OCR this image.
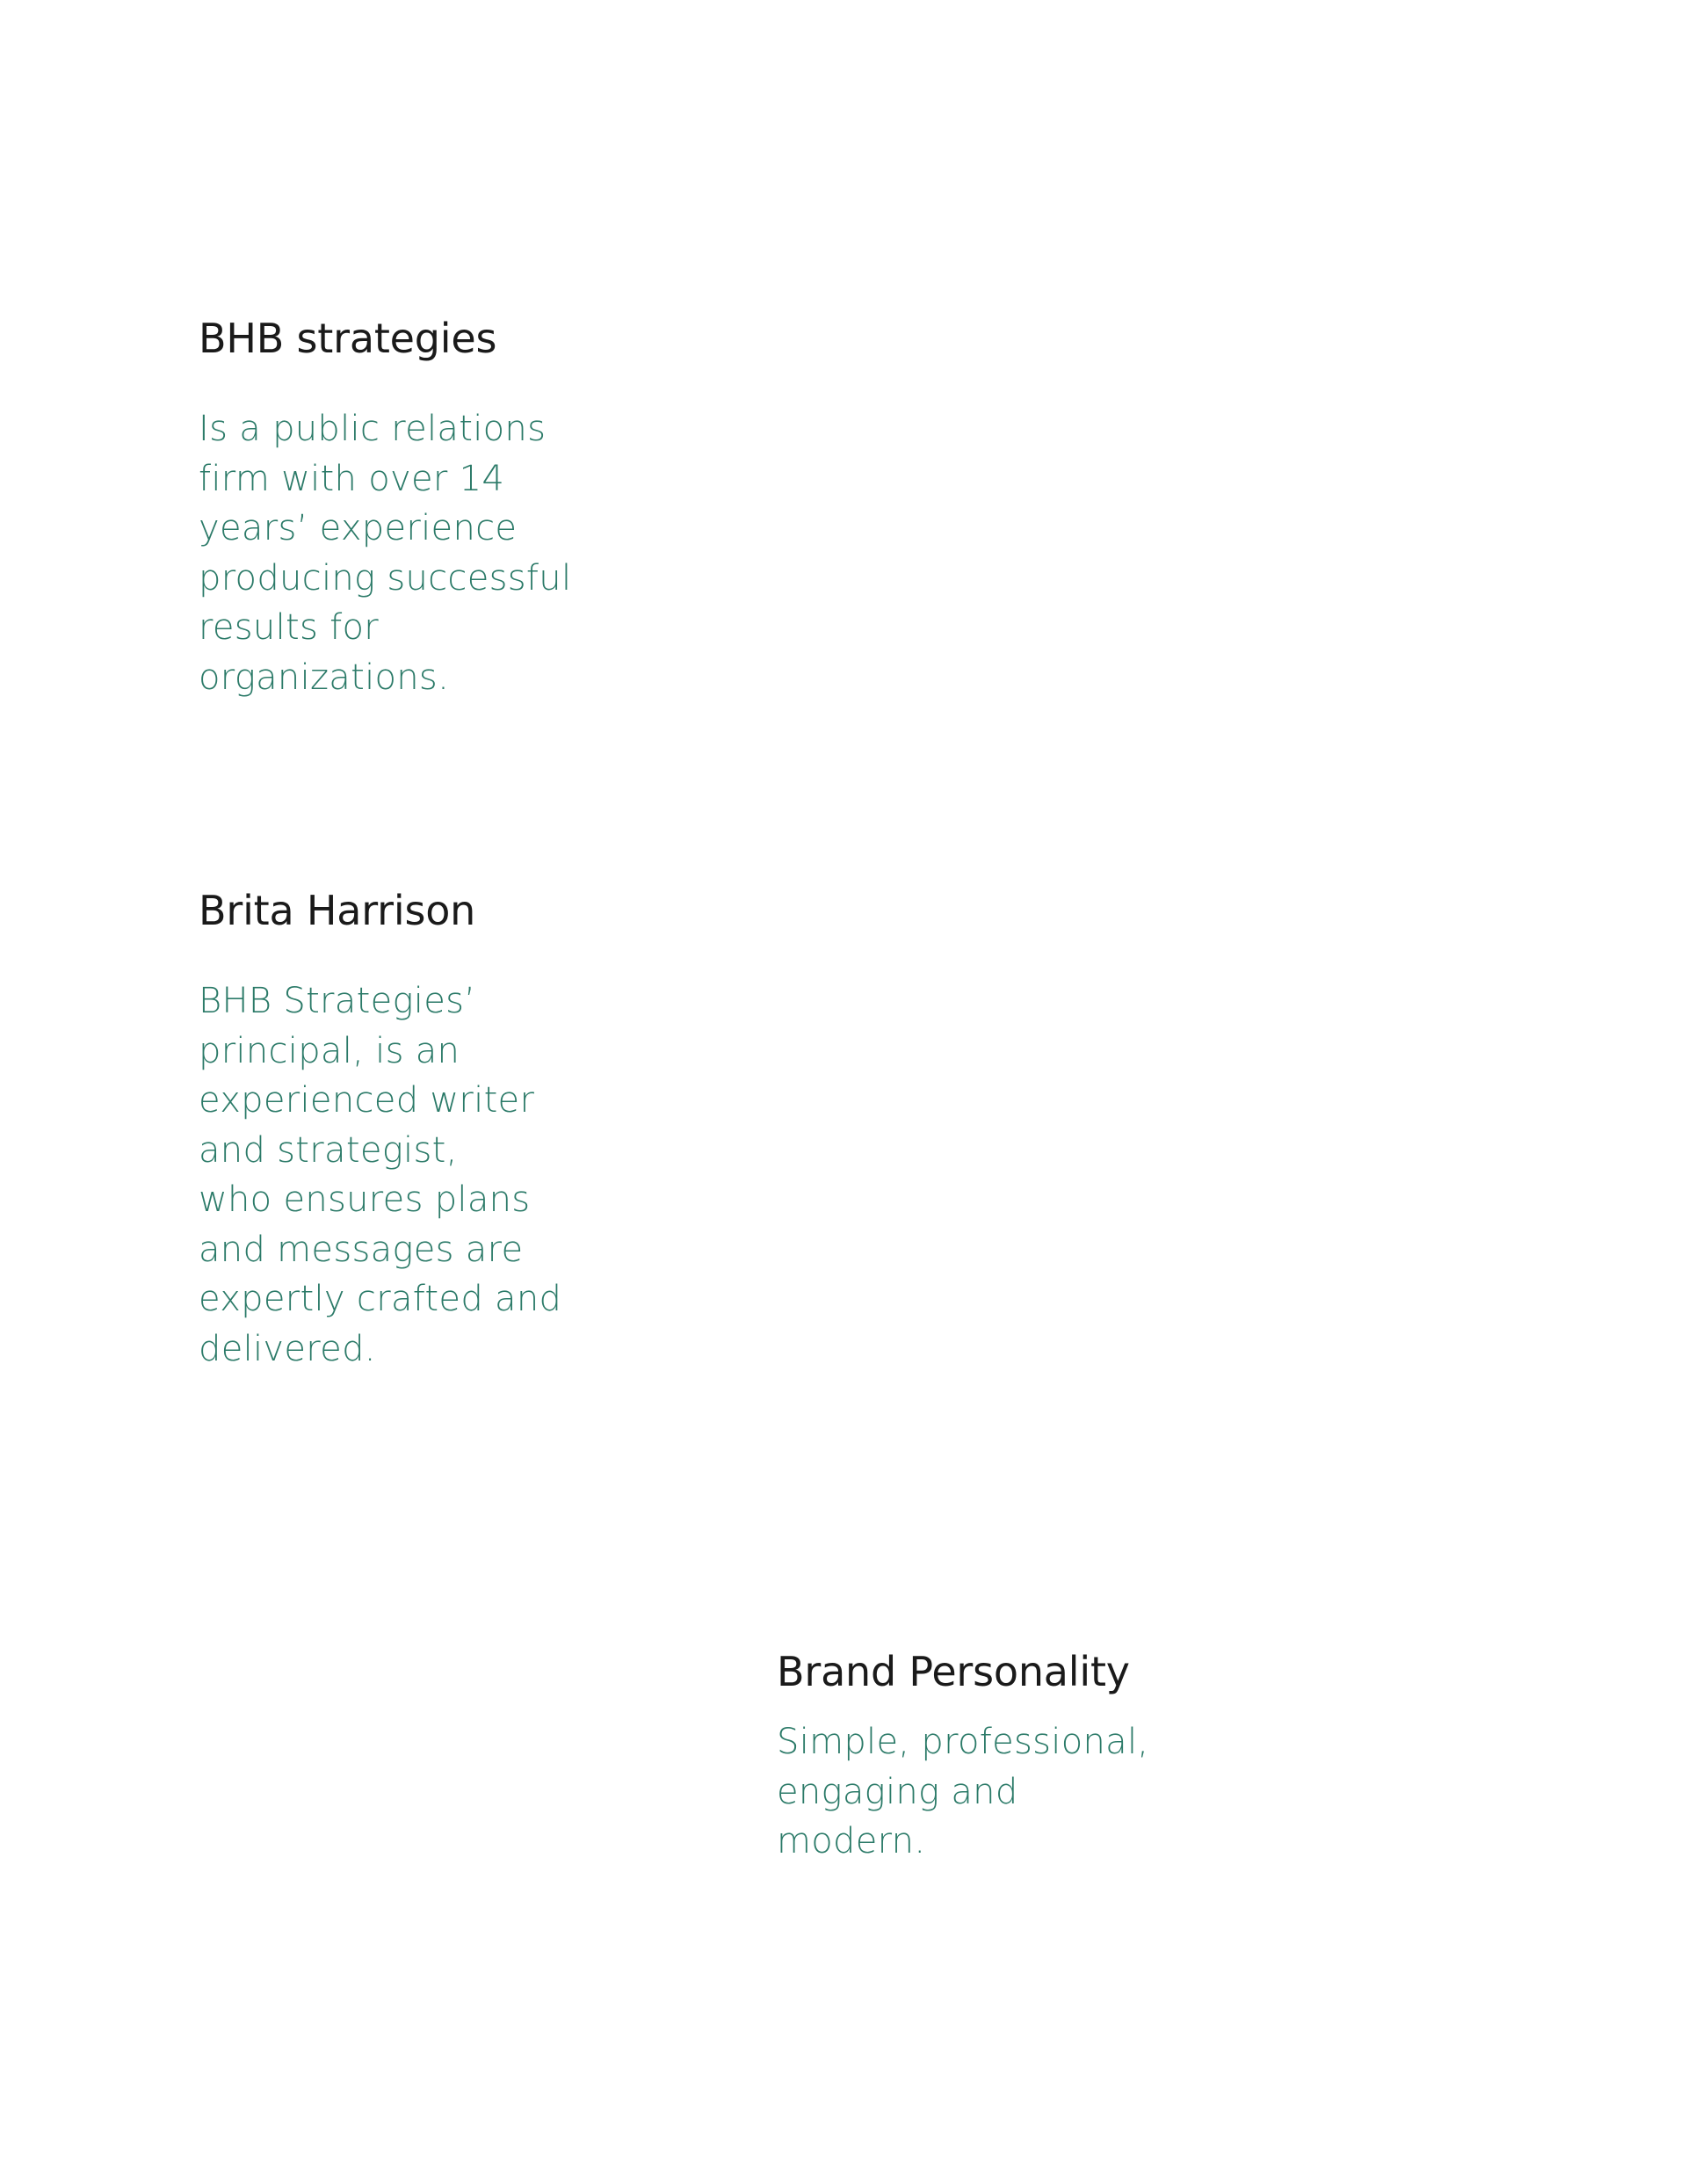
BHB strategies

Is a public relations
firm with over 14
years’ experience
producing successful
results for
organizations.

Brita Harrison

BHB Strategies’
principal, is an
experienced writer
and strategist,
who ensures plans
and messages are
expertly crafted and
delivered.

Brand Personality

Simple, professional,
engaging and
modern.
